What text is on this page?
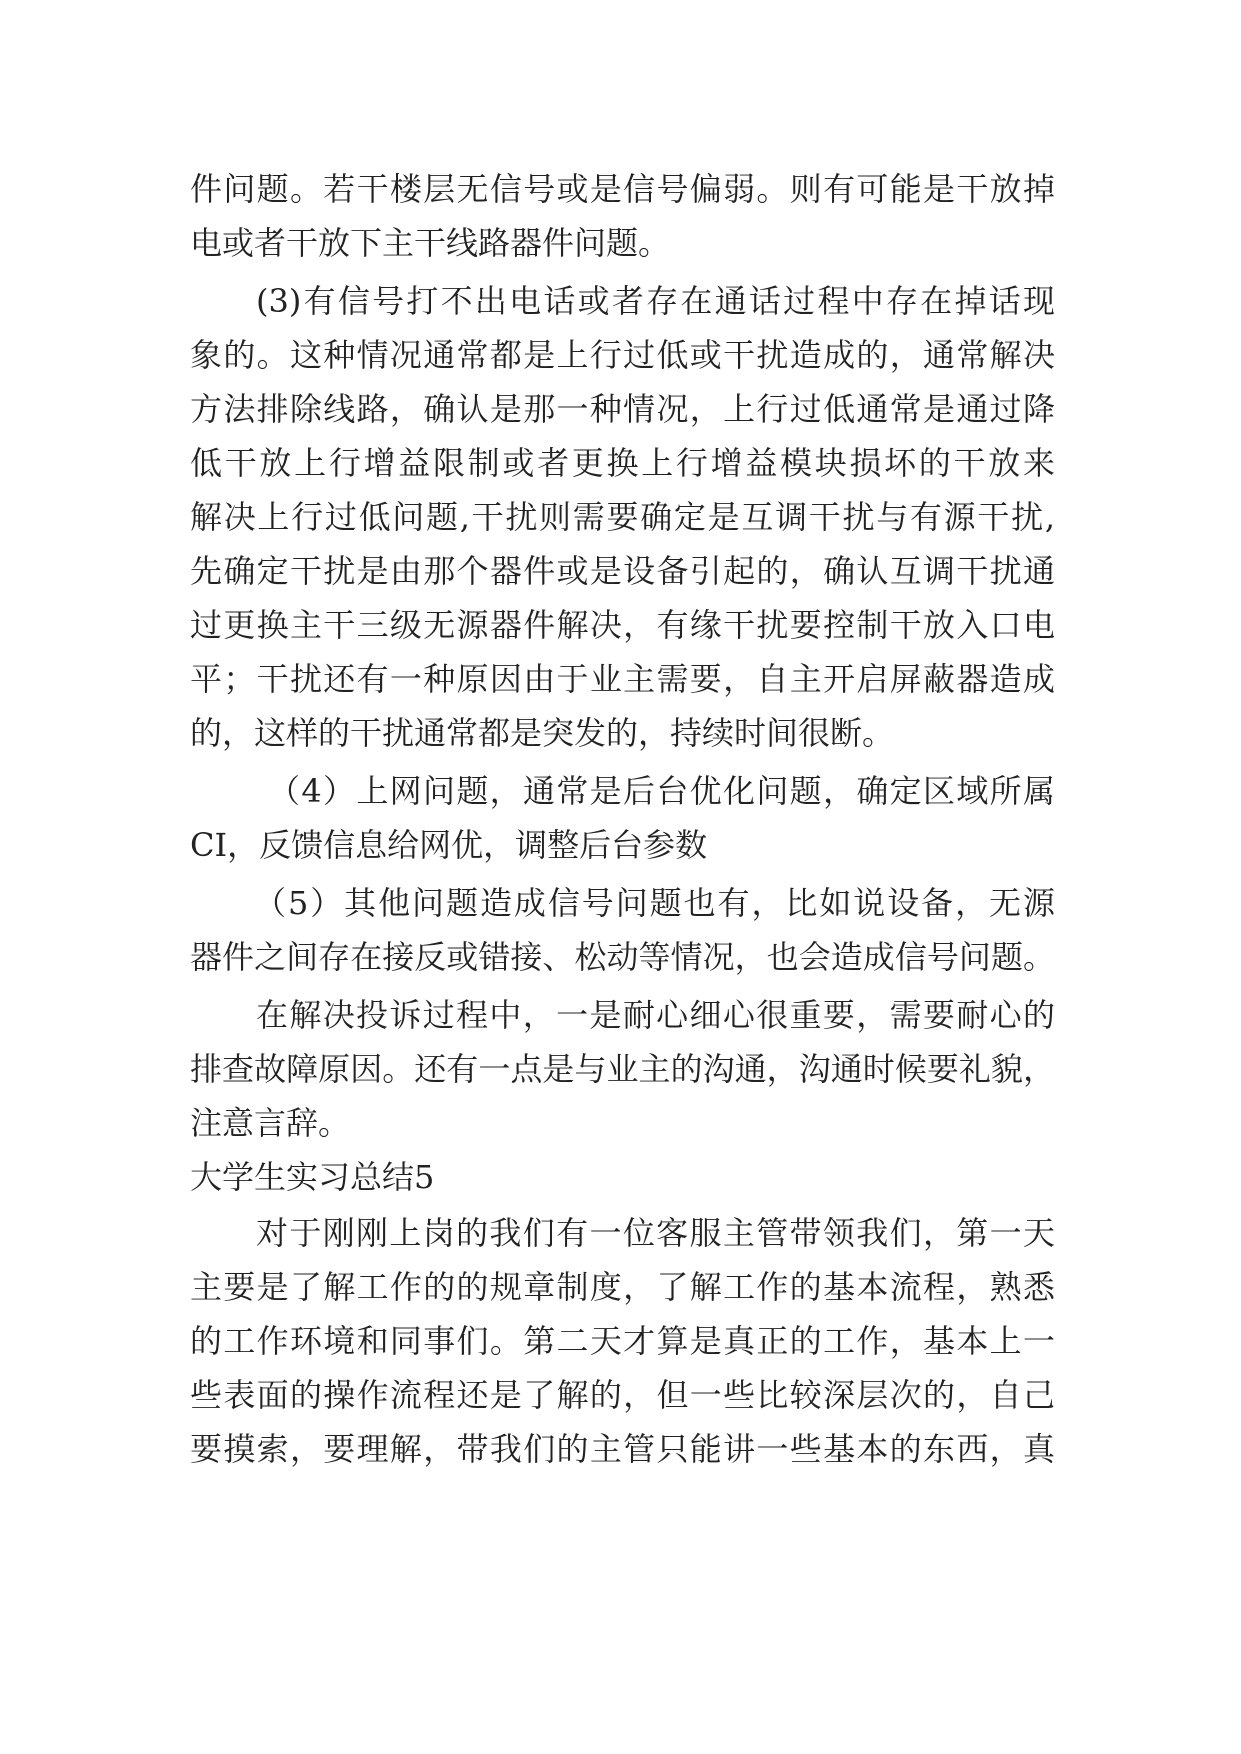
件问题。若干楼层无信号或是信号偏弱。则有可能是干放掉
电或者干放下主干线路器件问题。
(3)有信号打不出电话或者存在通话过程中存在掉话现
象的。这种情况通常都是上行过低或干扰造成的，通常解决
方法排除线路，确认是那一种情况，上行过低通常是通过降
低干放上行增益限制或者更换上行增益模块损坏的干放来
解决上行过低问题,干扰则需要确定是互调干扰与有源干扰,
先确定干扰是由那个器件或是设备引起的，确认互调干扰通
过更换主干三级无源器件解决，有缘干扰要控制干放入口电
平；干扰还有一种原因由于业主需要，自主开启屏蔽器造成
的，这样的干扰通常都是突发的，持续时间很断。
（4）上网问题，通常是后台优化问题，确定区域所属
CI，反馈信息给网优，调整后台参数
（5）其他问题造成信号问题也有，比如说设备，无源
器件之间存在接反或错接、松动等情况，也会造成信号问题。
在解决投诉过程中，一是耐心细心很重要，需要耐心的
排查故障原因。还有一点是与业主的沟通，沟通时候要礼貌，
注意言辞。
大学生实习总结5
对于刚刚上岗的我们有一位客服主管带领我们，第一天
主要是了解工作的的规章制度，了解工作的基本流程，熟悉
的工作环境和同事们。第二天才算是真正的工作，基本上一
些表面的操作流程还是了解的，但一些比较深层次的，自己
要摸索，要理解，带我们的主管只能讲一些基本的东西，真
